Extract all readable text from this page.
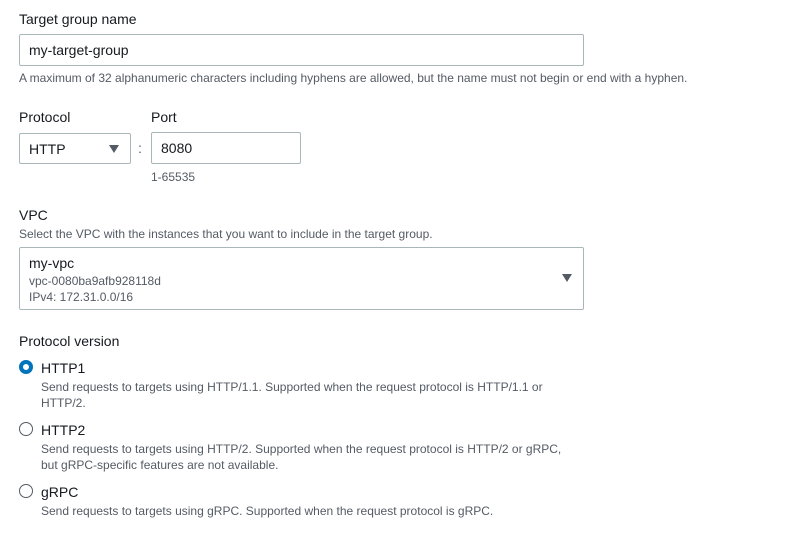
Target group name
my-target-group
A maximum of 32 alphanumeric characters including hyphens are allowed, but the name must not begin or end with a hyphen.
Protocol
HTTP	:
Port
8080
1-65535
VPC
Select the VPC with the instances that you want to include in the target group.
my-vpc
vpc-0080ba9afb928118d
IPv4: 172.31.0.0/16
Protocol version
HTTP1
Send requests to targets using HTTP/1.1. Supported when the request protocol is HTTP/1.1 or
HTTP/2.
HTTP2
Send requests to targets using HTTP/2. Supported when the request protocol is HTTP/2 or gRPC,
but gRPC-specific features are not available.
gRPC
Send requests to targets using gRPC. Supported when the request protocol is gRPC.
